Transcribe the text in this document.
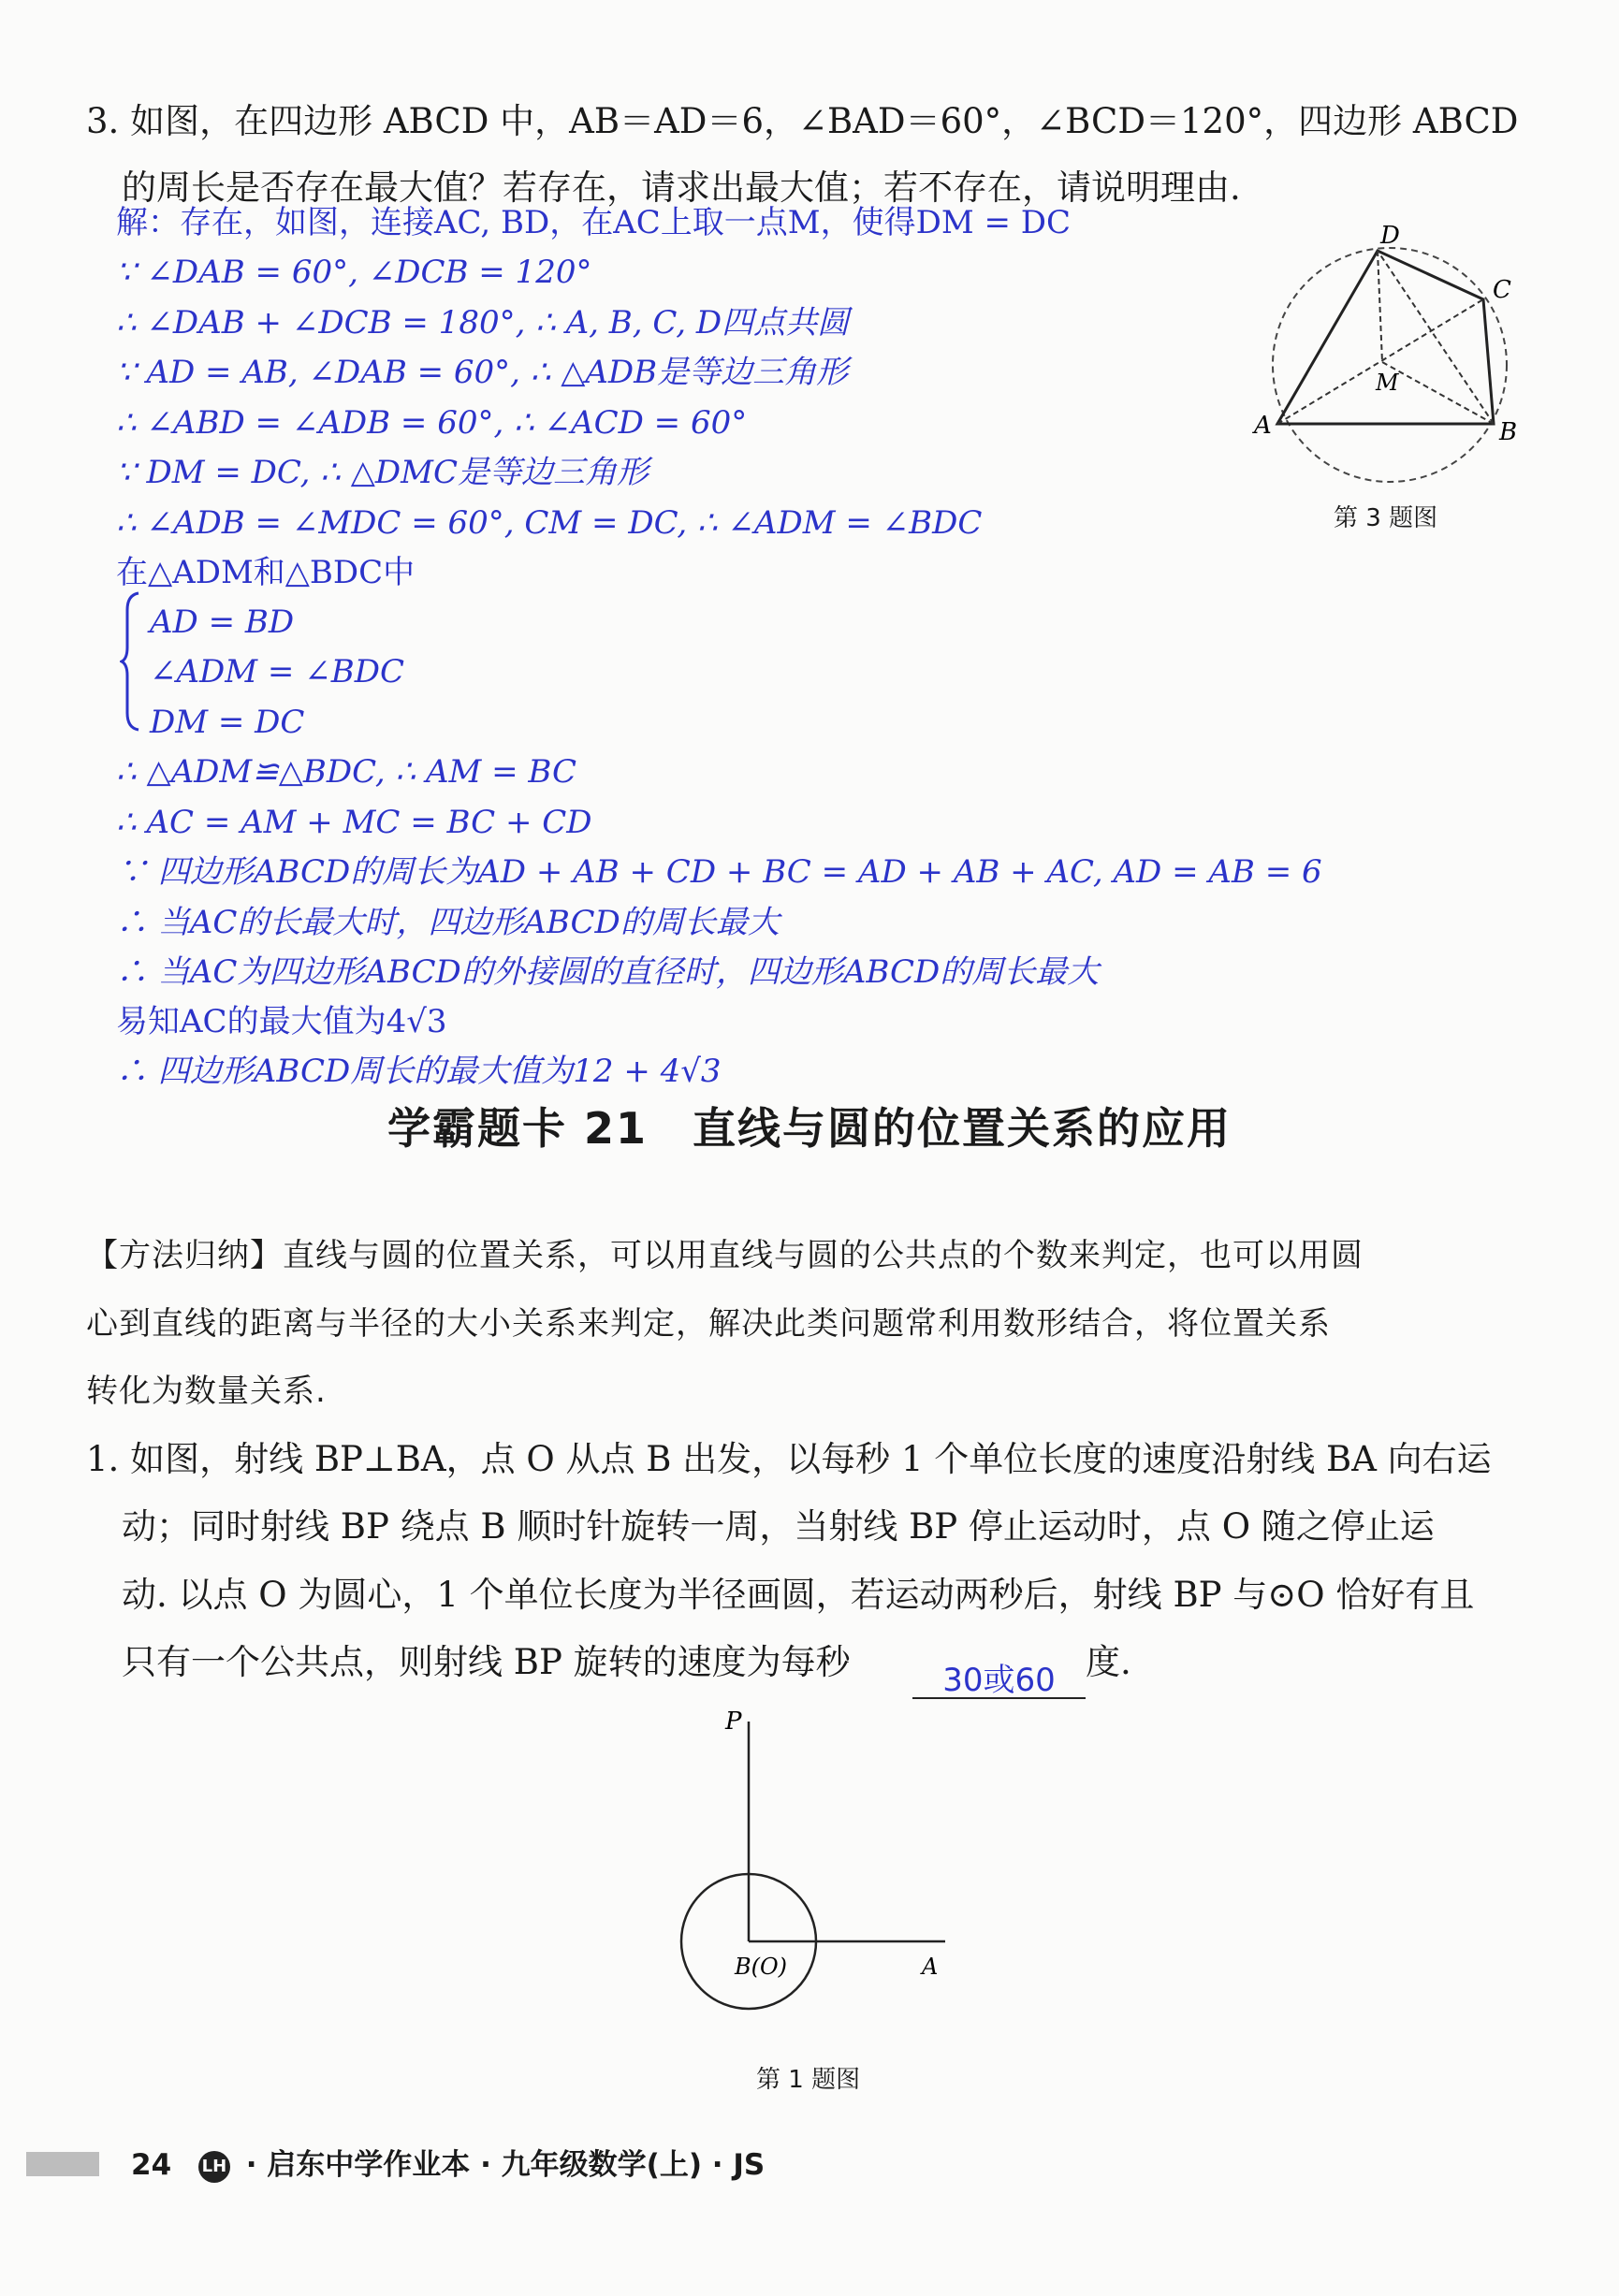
3. 如图，在四边形 ABCD 中，AB＝AD＝6，∠BAD＝60°，∠BCD＝120°，四边形 ABCD
的周长是否存在最大值？若存在，请求出最大值；若不存在，请说明理由.
解：存在，如图，连接AC, BD，在AC上取一点M，使得DM = DC
∵ ∠DAB = 60°, ∠DCB = 120°
∴ ∠DAB + ∠DCB = 180°, ∴ A, B, C, D四点共圆
∵ AD = AB, ∠DAB = 60°, ∴ △ADB是等边三角形
∴ ∠ABD = ∠ADB = 60°, ∴ ∠ACD = 60°
∵ DM = DC, ∴ △DMC是等边三角形
∴ ∠ADB = ∠MDC = 60°, CM = DC, ∴ ∠ADM = ∠BDC
在△ADM和△BDC中
AD = BD
∠ADM = ∠BDC
DM = DC
∴ △ADM≌△BDC, ∴ AM = BC
∴ AC = AM + MC = BC + CD
∵ 四边形ABCD的周长为AD + AB + CD + BC = AD + AB + AC, AD = AB = 6
∴ 当AC的长最大时，四边形ABCD的周长最大
∴ 当AC为四边形ABCD的外接圆的直径时，四边形ABCD的周长最大
易知AC的最大值为4√3
∴ 四边形ABCD周长的最大值为12 + 4√3
D
C
M
A	B
第 3 题图
学霸题卡 21　直线与圆的位置关系的应用
【方法归纳】直线与圆的位置关系，可以用直线与圆的公共点的个数来判定，也可以用圆
心到直线的距离与半径的大小关系来判定，解决此类问题常利用数形结合，将位置关系
转化为数量关系.
1. 如图，射线 BP⊥BA，点 O 从点 B 出发，以每秒 1 个单位长度的速度沿射线 BA 向右运
动；同时射线 BP 绕点 B 顺时针旋转一周，当射线 BP 停止运动时，点 O 随之停止运
动. 以点 O 为圆心，1 个单位长度为半径画圆，若运动两秒后，射线 BP 与⊙O 恰好有且
只有一个公共点，则射线 BP 旋转的速度为每秒	30或60 度.
P
B(O)	A
第 1 题图
24 LH · 启东中学作业本 · 九年级数学(上) · JS
